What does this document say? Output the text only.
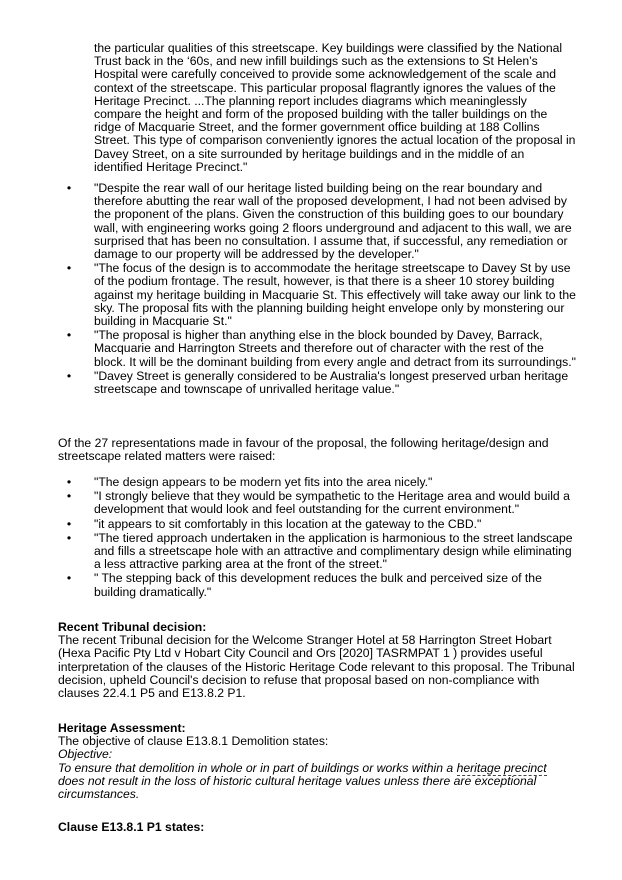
the particular qualities of this streetscape. Key buildings were classified by the National Trust back in the ‘60s, and new infill buildings such as the extensions to St Helen’s Hospital were carefully conceived to provide some acknowledgement of the scale and context of the streetscape. This particular proposal flagrantly ignores the values of the Heritage Precinct. ...The planning report includes diagrams which meaninglessly compare the height and form of the proposed building with the taller buildings on the ridge of Macquarie Street, and the former government office building at 188 Collins Street. This type of comparison conveniently ignores the actual location of the proposal in Davey Street, on a site surrounded by heritage buildings and in the middle of an identified Heritage Precinct."

• "Despite the rear wall of our heritage listed building being on the rear boundary and therefore abutting the rear wall of the proposed development, I had not been advised by the proponent of the plans. Given the construction of this building goes to our boundary wall, with engineering works going 2 floors underground and adjacent to this wall, we are surprised that has been no consultation. I assume that, if successful, any remediation or damage to our property will be addressed by the developer."
• "The focus of the design is to accommodate the heritage streetscape to Davey St by use of the podium frontage. The result, however, is that there is a sheer 10 storey building against my heritage building in Macquarie St. This effectively will take away our link to the sky. The proposal fits with the planning building height envelope only by monstering our building in Macquarie St."
• "The proposal is higher than anything else in the block bounded by Davey, Barrack, Macquarie and Harrington Streets and therefore out of character with the rest of the block. It will be the dominant building from every angle and detract from its surroundings."
• "Davey Street is generally considered to be Australia's longest preserved urban heritage streetscape and townscape of unrivalled heritage value."

Of the 27 representations made in favour of the proposal, the following heritage/design and streetscape related matters were raised:

• "The design appears to be modern yet fits into the area nicely."
• "I strongly believe that they would be sympathetic to the Heritage area and would build a development that would look and feel outstanding for the current environment."
• "it appears to sit comfortably in this location at the gateway to the CBD."
• "The tiered approach undertaken in the application is harmonious to the street landscape and fills a streetscape hole with an attractive and complimentary design while eliminating a less attractive parking area at the front of the street."
• " The stepping back of this development reduces the bulk and perceived size of the building dramatically."
Recent Tribunal decision:

The recent Tribunal decision for the Welcome Stranger Hotel at 58 Harrington Street Hobart (Hexa Pacific Pty Ltd v Hobart City Council and Ors [2020] TASRMPAT 1 ) provides useful interpretation of the clauses of the Historic Heritage Code relevant to this proposal. The Tribunal decision, upheld Council's decision to refuse that proposal based on non-compliance with clauses 22.4.1 P5 and E13.8.2 P1.

Heritage Assessment:

The objective of clause E13.8.1 Demolition states:

Objective:

To ensure that demolition in whole or in part of buildings or works within a heritage precinct does not result in the loss of historic cultural heritage values unless there are exceptional circumstances.

Clause E13.8.1 P1 states:
